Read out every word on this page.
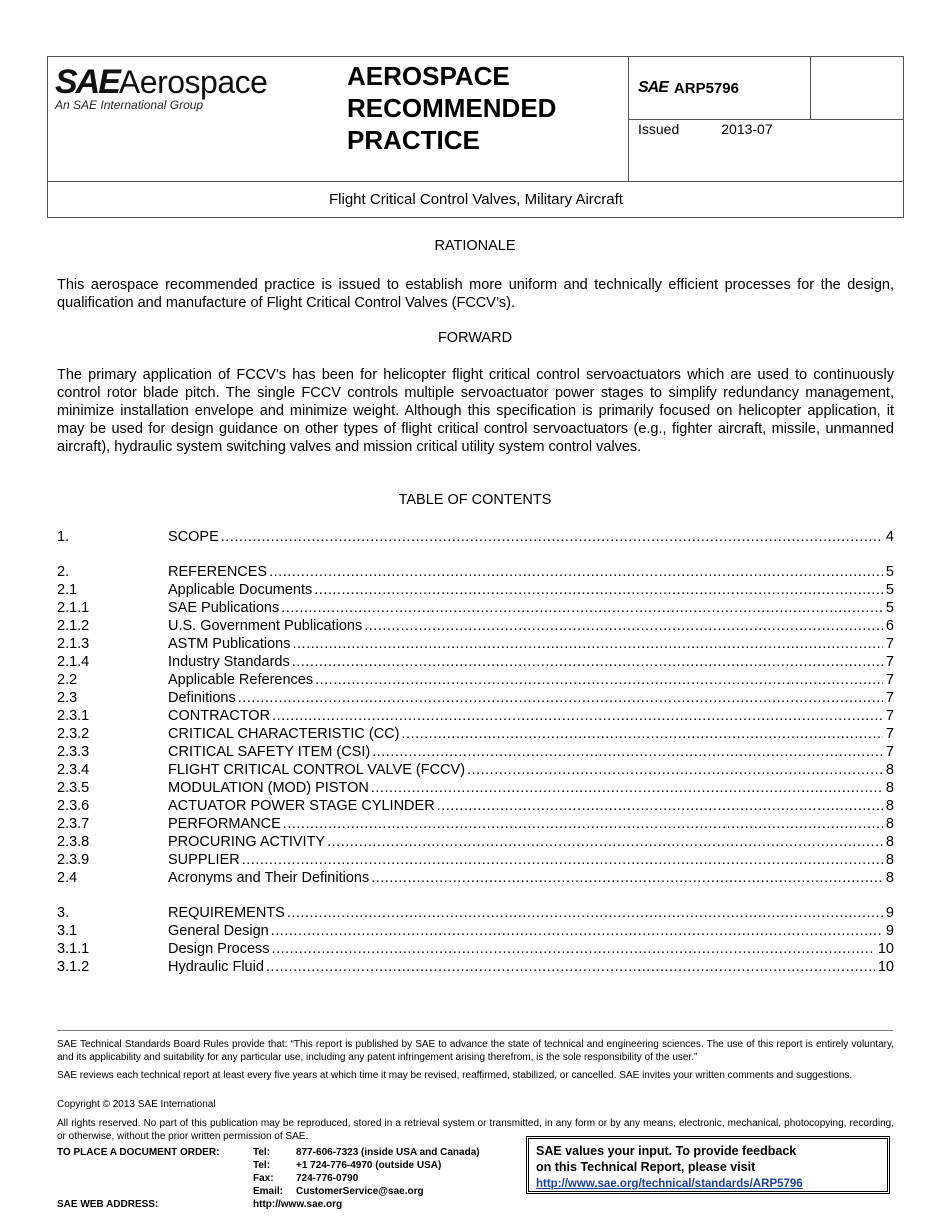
SAEAerospace
An SAE International Group
AEROSPACE
RECOMMENDED
PRACTICE
SAE ARP5796
Issued	2013-07
Flight Critical Control Valves, Military Aircraft
RATIONALE
This aerospace recommended practice is issued to establish more uniform and technically efficient processes for the design, qualification and manufacture of Flight Critical Control Valves (FCCV’s).
FORWARD
The primary application of FCCV’s has been for helicopter flight critical control servoactuators which are used to continuously control rotor blade pitch. The single FCCV controls multiple servoactuator power stages to simplify redundancy management, minimize installation envelope and minimize weight. Although this specification is primarily focused on helicopter application, it may be used for design guidance on other types of flight critical control servoactuators (e.g., fighter aircraft, missile, unmanned aircraft), hydraulic system switching valves and mission critical utility system control valves.
TABLE OF CONTENTS
1.	SCOPE .....	4
2.	REFERENCES .....	5
2.1	Applicable Documents .....	5
2.1.1	SAE Publications .....	5
2.1.2	U.S. Government Publications .....	6
2.1.3	ASTM Publications .....	7
2.1.4	Industry Standards .....	7
2.2	Applicable References .....	7
2.3	Definitions .....	7
2.3.1	CONTRACTOR .....	7
2.3.2	CRITICAL CHARACTERISTIC (CC) .....	7
2.3.3	CRITICAL SAFETY ITEM (CSI) .....	7
2.3.4	FLIGHT CRITICAL CONTROL VALVE (FCCV) .....	8
2.3.5	MODULATION (MOD) PISTON .....	8
2.3.6	ACTUATOR POWER STAGE CYLINDER .....	8
2.3.7	PERFORMANCE .....	8
2.3.8	PROCURING ACTIVITY .....	8
2.3.9	SUPPLIER .....	8
2.4	Acronyms and Their Definitions .....	8
3.	REQUIREMENTS .....	9
3.1	General Design .....	9
3.1.1	Design Process .....	10
3.1.2	Hydraulic Fluid .....	10
SAE Technical Standards Board Rules provide that: “This report is published by SAE to advance the state of technical and engineering sciences. The use of this report is entirely voluntary, and its applicability and suitability for any particular use, including any patent infringement arising therefrom, is the sole responsibility of the user.”
SAE reviews each technical report at least every five years at which time it may be revised, reaffirmed, stabilized, or cancelled. SAE invites your written comments and suggestions.
Copyright © 2013 SAE International
All rights reserved. No part of this publication may be reproduced, stored in a retrieval system or transmitted, in any form or by any means, electronic, mechanical, photocopying, recording, or otherwise, without the prior written permission of SAE.
TO PLACE A DOCUMENT ORDER:	Tel:	877-606-7323 (inside USA and Canada)
Tel:	+1 724-776-4970 (outside USA)
Fax:	724-776-0790
Email:	CustomerService@sae.org
SAE WEB ADDRESS:	http://www.sae.org
SAE values your input. To provide feedback
on this Technical Report, please visit
http://www.sae.org/technical/standards/ARP5796
